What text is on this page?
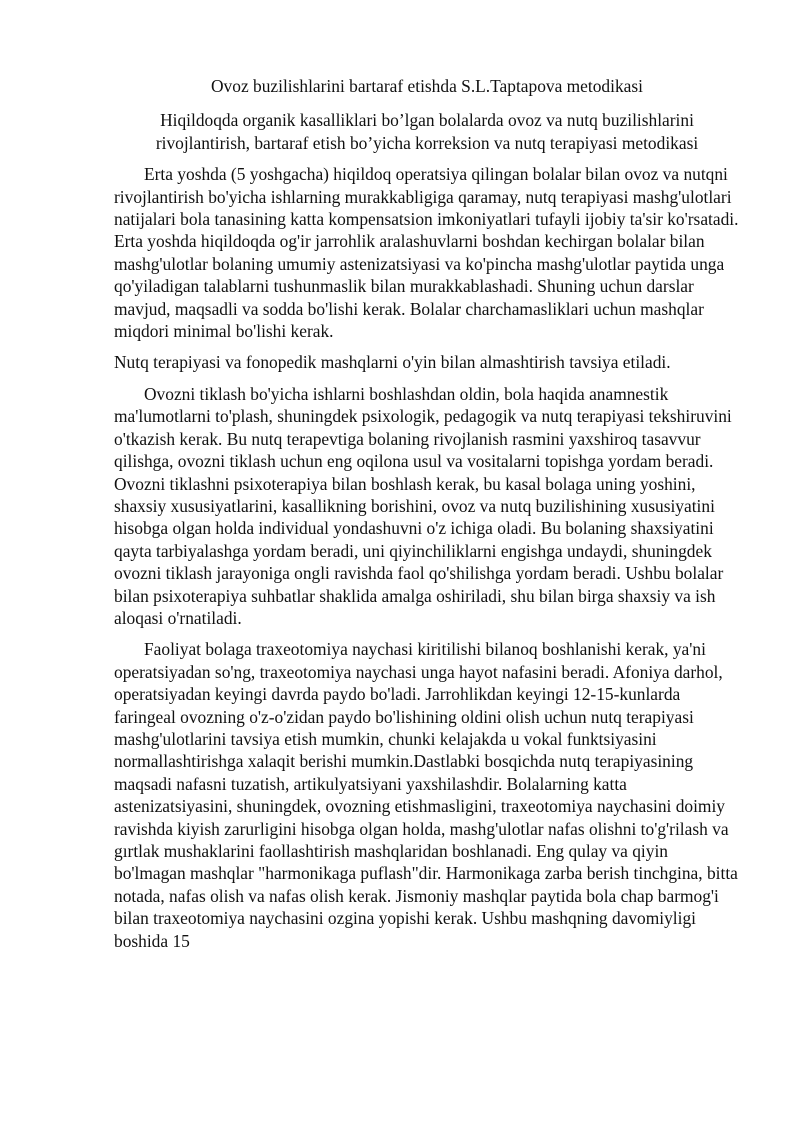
Ovoz buzilishlarini bartaraf etishda S.L.Taptapova metodikasi
Hiqildoqda organik kasalliklari bo’lgan bolalarda ovoz va nutq buzilishlarini rivojlantirish, bartaraf etish bo’yicha korreksion va nutq terapiyasi metodikasi

Erta yoshda (5 yoshgacha) hiqildoq operatsiya qilingan bolalar bilan ovoz va nutqni rivojlantirish bo'yicha ishlarning murakkabligiga qaramay, nutq terapiyasi mashg'ulotlari natijalari bola tanasining katta kompensatsion imkoniyatlari tufayli ijobiy ta'sir ko'rsatadi. Erta yoshda hiqildoqda og'ir jarrohlik aralashuvlarni boshdan kechirgan bolalar bilan mashg'ulotlar bolaning umumiy astenizatsiyasi va ko'pincha mashg'ulotlar paytida unga qo'yiladigan talablarni tushunmaslik bilan murakkablashadi. Shuning uchun darslar mavjud, maqsadli va sodda bo'lishi kerak. Bolalar charchamasliklari uchun mashqlar miqdori minimal bo'lishi kerak.

Nutq terapiyasi va fonopedik mashqlarni o'yin bilan almashtirish tavsiya etiladi.

Ovozni tiklash bo'yicha ishlarni boshlashdan oldin, bola haqida anamnestik ma'lumotlarni to'plash, shuningdek psixologik, pedagogik va nutq terapiyasi tekshiruvini o'tkazish kerak. Bu nutq terapevtiga bolaning rivojlanish rasmini yaxshiroq tasavvur qilishga, ovozni tiklash uchun eng oqilona usul va vositalarni topishga yordam beradi. Ovozni tiklashni psixoterapiya bilan boshlash kerak, bu kasal bolaga uning yoshini, shaxsiy xususiyatlarini, kasallikning borishini, ovoz va nutq buzilishining xususiyatini hisobga olgan holda individual yondashuvni o'z ichiga oladi. Bu bolaning shaxsiyatini qayta tarbiyalashga yordam beradi, uni qiyinchiliklarni engishga undaydi, shuningdek ovozni tiklash jarayoniga ongli ravishda faol qo'shilishga yordam beradi. Ushbu bolalar bilan psixoterapiya suhbatlar shaklida amalga oshiriladi, shu bilan birga shaxsiy va ish aloqasi o'rnatiladi.

Faoliyat bolaga traxeotomiya naychasi kiritilishi bilanoq boshlanishi kerak, ya'ni operatsiyadan so'ng, traxeotomiya naychasi unga hayot nafasini beradi. Afoniya darhol, operatsiyadan keyingi davrda paydo bo'ladi. Jarrohlikdan keyingi 12-15-kunlarda faringeal ovozning o'z-o'zidan paydo bo'lishining oldini olish uchun nutq terapiyasi mashg'ulotlarini tavsiya etish mumkin, chunki kelajakda u vokal funktsiyasini normallashtirishga xalaqit berishi mumkin.Dastlabki bosqichda nutq terapiyasining maqsadi nafasni tuzatish, artikulyatsiyani yaxshilashdir. Bolalarning katta astenizatsiyasini, shuningdek, ovozning etishmasligini, traxeotomiya naychasini doimiy ravishda kiyish zarurligini hisobga olgan holda, mashg'ulotlar nafas olishni to'g'rilash va gırtlak mushaklarini faollashtirish mashqlaridan boshlanadi. Eng qulay va qiyin bo'lmagan mashqlar "harmonikaga puflash"dir. Harmonikaga zarba berish tinchgina, bitta notada, nafas olish va nafas olish kerak. Jismoniy mashqlar paytida bola chap barmog'i bilan traxeotomiya naychasini ozgina yopishi kerak. Ushbu mashqning davomiyligi boshida 15
